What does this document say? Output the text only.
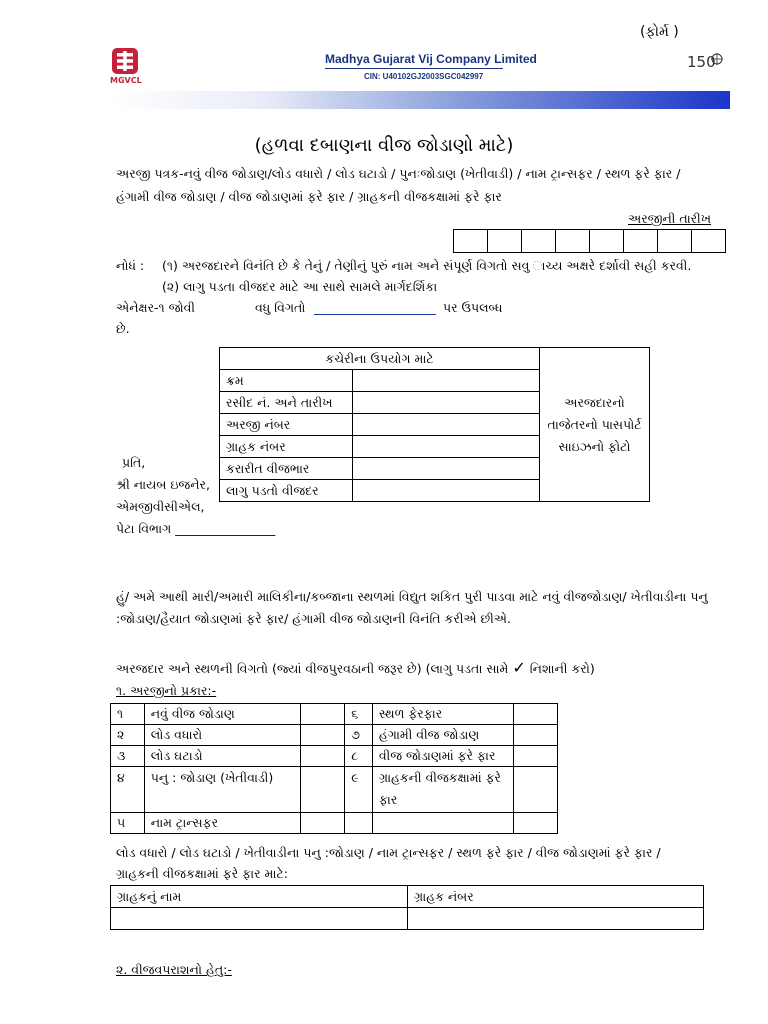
(ફોર્મ )
MGVCL
Madhya Gujarat Vij Company Limited
CIN: U40102GJ2003SGC042997
150
(હળવા દબાણના વીજ જોડાણો માટે)
અરજી પત્રક-નવું વીજ જોડાણ/લોડ વધારો / લોડ ઘટાડો / પુનઃજોડાણ (ખેતીવાડી) / નામ ટ્રાન્સફર / સ્થળ ફરે ફાર /
હંગામી વીજ જોડાણ / વીજ જોડાણમાં ફરે ફાર / ગ્રાહકની વીજકક્ષામાં ફરે ફાર
અરજીની તારીખ

નોધં : (૧) અરજદારને વિનંતિ છે કે તેનું / તેણીનું પુરું નામ અને સંપૂર્ણ વિગતો સવુ ાચ્ય અક્ષરે દર્શાવી સહી કરવી.
(૨) લાગુ પડતા વીજદર માટે આ સાથે સામલે માર્ગદર્શિકા
એનેક્ષર-૧ જોવી	વધુ વિગતો	પર ઉપલબ્ધ
છે.
કચેરીના ઉપયોગ માટે		અરજદારનો
તાજેતરનો પાસપોર્ટ
સાઇઝનો ફોટો

ક્રમ		
રસીદ નં. અને તારીખ		
અરજી નંબર		
ગ્રાહક નંબર		
કરારીત વીજભાર		
લાગુ પડતો વીજદર		
પ્રતિ,
શ્રી નાયબ ઇજનેર,
એમજીવીસીએલ,
પેટા વિભાગ ________________
હું/ અમે આથી મારી/અમારી માલિકીના/કબ્જાના સ્થળમાં વિદ્યુત શકિત પુરી પાડવા માટે નવું વીજજોડાણ/ ખેતીવાડીના પનુ
:જોડાણ/હૈયાત જોડાણમાં ફરે ફાર/ હંગામી વીજ જોડાણની વિનંતિ કરીએ છીએ.
અરજદાર અને સ્થળની વિગતો (જ્યાં વીજપુરવઠાની જરૂર છે) (લાગુ પડતા સામે ✓ નિશાની કરો)
૧. અરજીનો પ્રકાર:-
૧	નવું વીજ જોડાણ		૬	સ્થળ ફેરફાર	
૨	લોડ વધારો		૭	હંગામી વીજ જોડાણ	
૩	લોડ ઘટાડો		૮	વીજ જોડાણમાં ફરે ફાર	
૪	પનુ : જોડાણ (ખેતીવાડી)		૯	ગ્રાહકની વીજકક્ષામાં ફરે
ફાર	

૫	નામ ટ્રાન્સફર				
લોડ વધારો / લોડ ઘટાડો / ખેતીવાડીના પનુ :જોડાણ / નામ ટ્રાન્સફર / સ્થળ ફરે ફાર / વીજ જોડાણમાં ફરે ફાર /
ગ્રાહકની વીજકક્ષામાં ફરે ફાર માટે:
ગ્રાહકનું નામ	ગ્રાહક નંબર

૨. વીજવપરાશનો હેતુ:-
